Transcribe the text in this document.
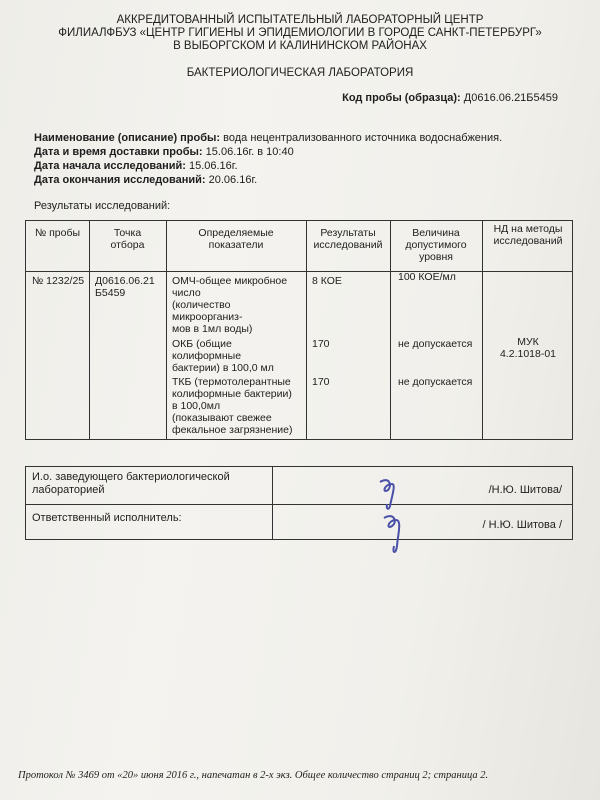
АККРЕДИТОВАННЫЙ ИСПЫТАТЕЛЬНЫЙ ЛАБОРАТОРНЫЙ ЦЕНТР
ФИЛИАЛФБУЗ «ЦЕНТР ГИГИЕНЫ И ЭПИДЕМИОЛОГИИ В ГОРОДЕ САНКТ-ПЕТЕРБУРГ»
В ВЫБОРГСКОМ И КАЛИНИНСКОМ РАЙОНАХ
БАКТЕРИОЛОГИЧЕСКАЯ ЛАБОРАТОРИЯ
Код пробы (образца): Д0616.06.21Б5459
Наименование (описание) пробы: вода нецентрализованного источника водоснабжения.
Дата и время доставки пробы: 15.06.16г. в 10:40
Дата начала исследований: 15.06.16г.
Дата окончания исследований: 20.06.16г.
Результаты исследований:
№ пробы	Точка
отбора
Определяемые
показатели
Результаты
исследований
Величина
допустимого
уровня
НД на методы
исследований
№ 1232/25 Д0616.06.21
Б5459
ОМЧ-общее микробное
число
(количество
микроорганиз-
мов в 1мл воды)
ОКБ (общие
колиформные
бактерии) в 100,0 мл
ТКБ (термотолерантные
колиформные бактерии)
в 100,0мл
(показывают свежее
фекальное загрязнение)
8 КОЕ
170
170
100 КОЕ/мл
не допускается
не допускается
МУК
4.2.1018-01
И.о. заведующего бактериологической
лабораторией	/Н.Ю. Шитова/
Ответственный исполнитель:
/ Н.Ю. Шитова /
Протокол № 3469 от «20» июня 2016 г., напечатан в 2-х экз. Общее количество страниц 2; страница 2.
